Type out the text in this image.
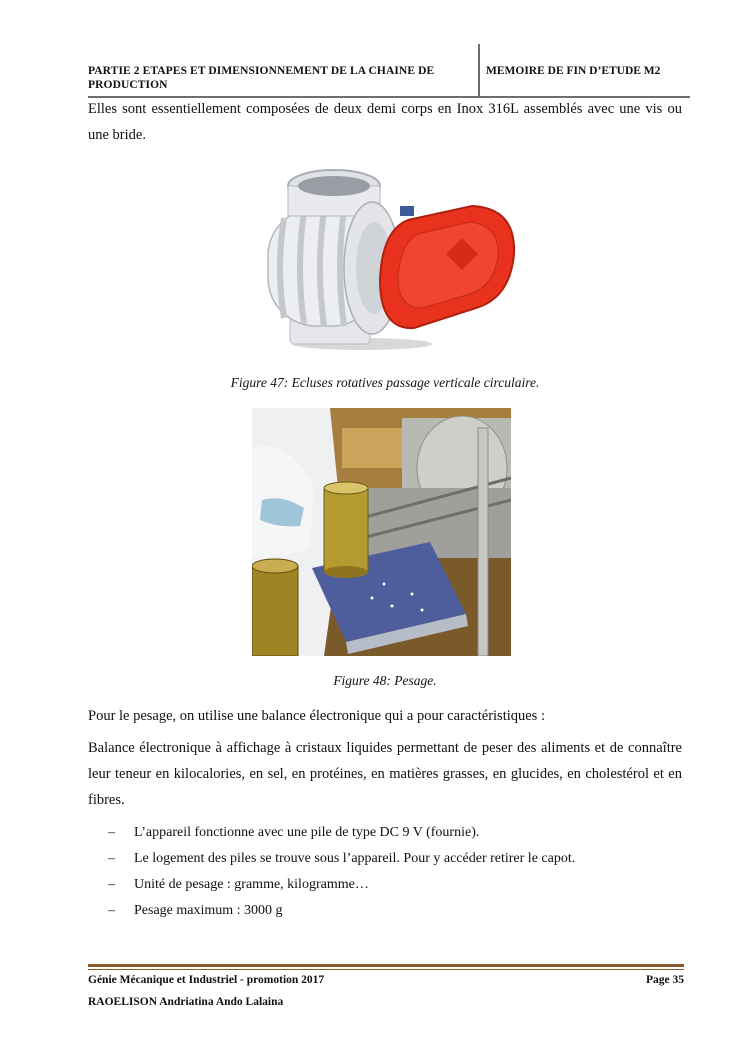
PARTIE 2 ETAPES ET DIMENSIONNEMENT DE LA CHAINE DE PRODUCTION
MEMOIRE DE FIN D’ETUDE M2

Elles sont essentiellement composées de deux demi corps en Inox 316L assemblés avec une vis ou une bride.

Figure 47: Ecluses rotatives passage verticale circulaire.
Figure 48: Pesage.

Pour le pesage, on utilise une balance électronique qui a pour caractéristiques :

Balance électronique à affichage à cristaux liquides permettant de peser des aliments et de connaître leur teneur en kilocalories, en sel, en protéines, en matières grasses, en glucides, en cholestérol et en fibres.

– L’appareil fonctionne avec une pile de type DC 9 V (fournie).
– Le logement des piles se trouve sous l’appareil. Pour y accéder retirer le capot.
– Unité de pesage : gramme, kilogramme…
– Pesage maximum : 3000 g
Génie Mécanique et Industriel - promotion 2017	Page 35
RAOELISON Andriatina Ando Lalaina
